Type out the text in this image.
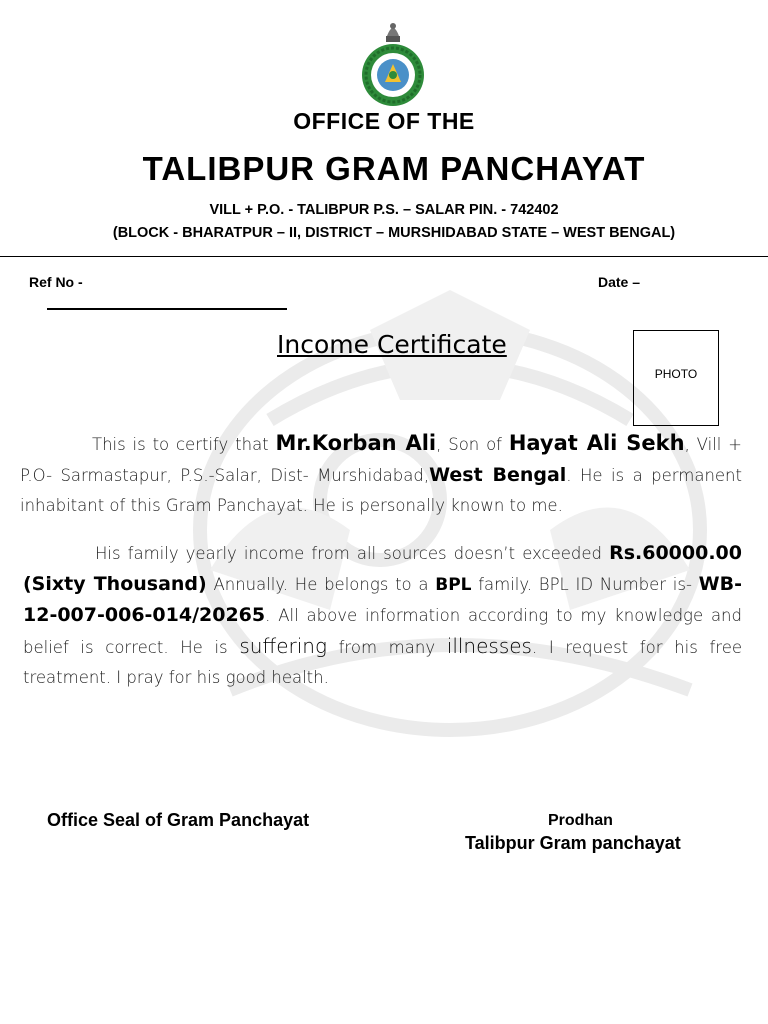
OFFICE OF THE
TALIBPUR GRAM PANCHAYAT
VILL + P.O. - TALIBPUR P.S. – SALAR PIN. - 742402
(BLOCK - BHARATPUR – II, DISTRICT – MURSHIDABAD STATE – WEST BENGAL)
Ref No -	Date –
Income Certificate
PHOTO
This is to certify that Mr.Korban Ali, Son of Hayat Ali Sekh, Vill + P.O- Sarmastapur, P.S.-Salar, Dist- Murshidabad,West Bengal. He is a permanent inhabitant of this Gram Panchayat. He is personally known to me.
His family yearly income from all sources doesn’t exceeded Rs.60000.00 (Sixty Thousand) Annually. He belongs to a BPL family. BPL ID Number is- WB-12-007-006-014/20265. All above information according to my knowledge and belief is correct. He is suffering from many illnesses. I request for his free treatment. I pray for his good health.
Office Seal of Gram Panchayat	Prodhan
Talibpur Gram panchayat
